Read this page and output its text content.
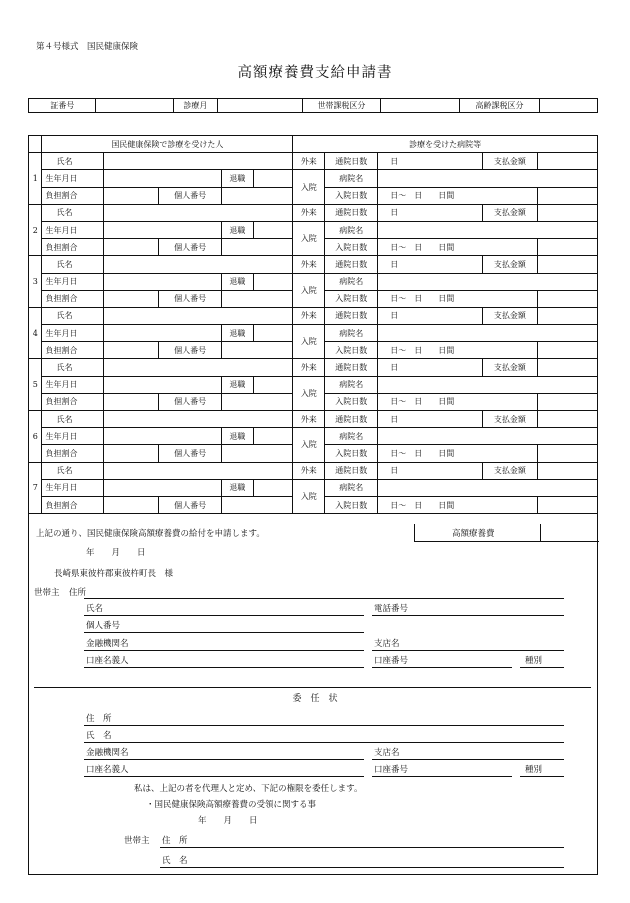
第４号様式　国民健康保険
高額療養費支給申請書
証番号		診療月		世帯課税区分		高齢課税区分	
	国民健康保険で診療を受けた人					診療を受けた病院等				
1	氏名					外来	通院日数	日	支払金額	
	生年月日			退職		入院	病院名			
	負担割合		個人番号				入院日数	日～　日　　日間		
2	氏名					外来	通院日数	日	支払金額	
	生年月日			退職		入院	病院名			
	負担割合		個人番号				入院日数	日～　日　　日間		
3	氏名					外来	通院日数	日	支払金額	
	生年月日			退職		入院	病院名			
	負担割合		個人番号				入院日数	日～　日　　日間		
4	氏名					外来	通院日数	日	支払金額	
	生年月日			退職		入院	病院名			
	負担割合		個人番号				入院日数	日～　日　　日間		
5	氏名					外来	通院日数	日	支払金額	
	生年月日			退職		入院	病院名			
	負担割合		個人番号				入院日数	日～　日　　日間		
6	氏名					外来	通院日数	日	支払金額	
	生年月日			退職		入院	病院名			
	負担割合		個人番号				入院日数	日～　日　　日間		
7	氏名					外来	通院日数	日	支払金額	
	生年月日			退職		入院	病院名			
	負担割合		個人番号				入院日数	日～　日　　日間		
上記の通り、国民健康保険高額療養費の給付を申請します。	高額療養費
年　　月　　日
長崎県東彼杵郡東彼杵町長　様
世帯主 住所
氏名	電話番号
個人番号
金融機関名	支店名
口座名義人	口座番号	種別
委　任　状
住　所
氏　名
金融機関名	支店名
口座名義人	口座番号	種別
私は、上記の者を代理人と定め、下記の権限を委任します。
・国民健康保険高額療養費の受領に関する事
年　　月　　日
世帯主 住　所
氏　名
